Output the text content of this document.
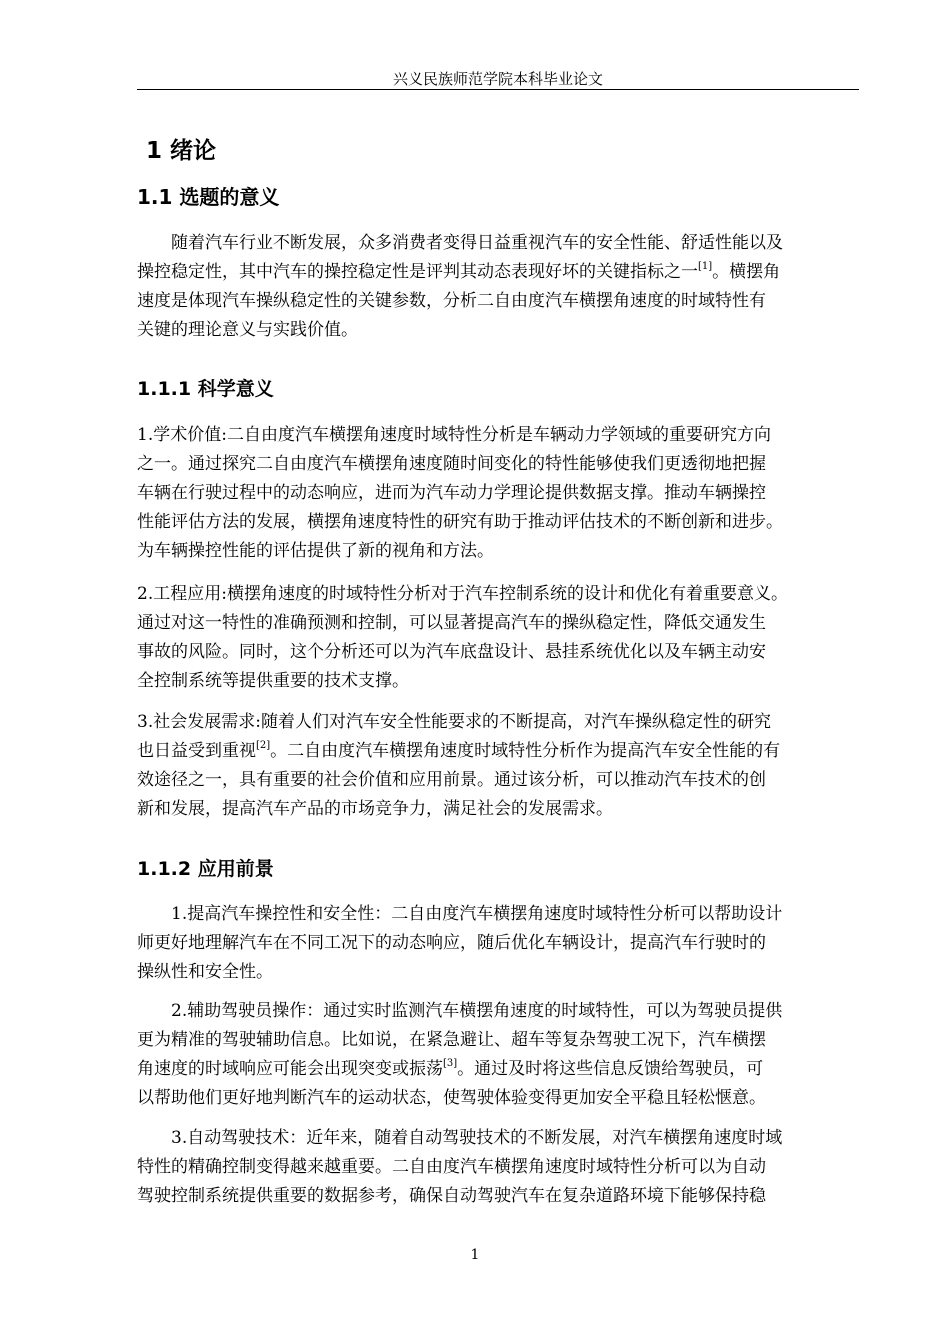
兴义民族师范学院本科毕业论文
1 绪论
1.1 选题的意义
随着汽车行业不断发展，众多消费者变得日益重视汽车的安全性能、舒适性能以及
操控稳定性，其中汽车的操控稳定性是评判其动态表现好坏的关键指标之一[1]。横摆角
速度是体现汽车操纵稳定性的关键参数，分析二自由度汽车横摆角速度的时域特性有
关键的理论意义与实践价值。
1.1.1 科学意义
1.学术价值:二自由度汽车横摆角速度时域特性分析是车辆动力学领域的重要研究方向
之一。通过探究二自由度汽车横摆角速度随时间变化的特性能够使我们更透彻地把握
车辆在行驶过程中的动态响应，进而为汽车动力学理论提供数据支撑。推动车辆操控
性能评估方法的发展，横摆角速度特性的研究有助于推动评估技术的不断创新和进步。
为车辆操控性能的评估提供了新的视角和方法。
2.工程应用:横摆角速度的时域特性分析对于汽车控制系统的设计和优化有着重要意义。
通过对这一特性的准确预测和控制，可以显著提高汽车的操纵稳定性，降低交通发生
事故的风险。同时，这个分析还可以为汽车底盘设计、悬挂系统优化以及车辆主动安
全控制系统等提供重要的技术支撑。
3.社会发展需求:随着人们对汽车安全性能要求的不断提高，对汽车操纵稳定性的研究
也日益受到重视[2]。二自由度汽车横摆角速度时域特性分析作为提高汽车安全性能的有
效途径之一，具有重要的社会价值和应用前景。通过该分析，可以推动汽车技术的创
新和发展，提高汽车产品的市场竞争力，满足社会的发展需求。
1.1.2 应用前景
1.提高汽车操控性和安全性：二自由度汽车横摆角速度时域特性分析可以帮助设计
师更好地理解汽车在不同工况下的动态响应，随后优化车辆设计，提高汽车行驶时的
操纵性和安全性。
2.辅助驾驶员操作：通过实时监测汽车横摆角速度的时域特性，可以为驾驶员提供
更为精准的驾驶辅助信息。比如说，在紧急避让、超车等复杂驾驶工况下，汽车横摆
角速度的时域响应可能会出现突变或振荡[3]。通过及时将这些信息反馈给驾驶员，可
以帮助他们更好地判断汽车的运动状态，使驾驶体验变得更加安全平稳且轻松惬意。
3.自动驾驶技术：近年来，随着自动驾驶技术的不断发展，对汽车横摆角速度时域
特性的精确控制变得越来越重要。二自由度汽车横摆角速度时域特性分析可以为自动
驾驶控制系统提供重要的数据参考，确保自动驾驶汽车在复杂道路环境下能够保持稳
1
